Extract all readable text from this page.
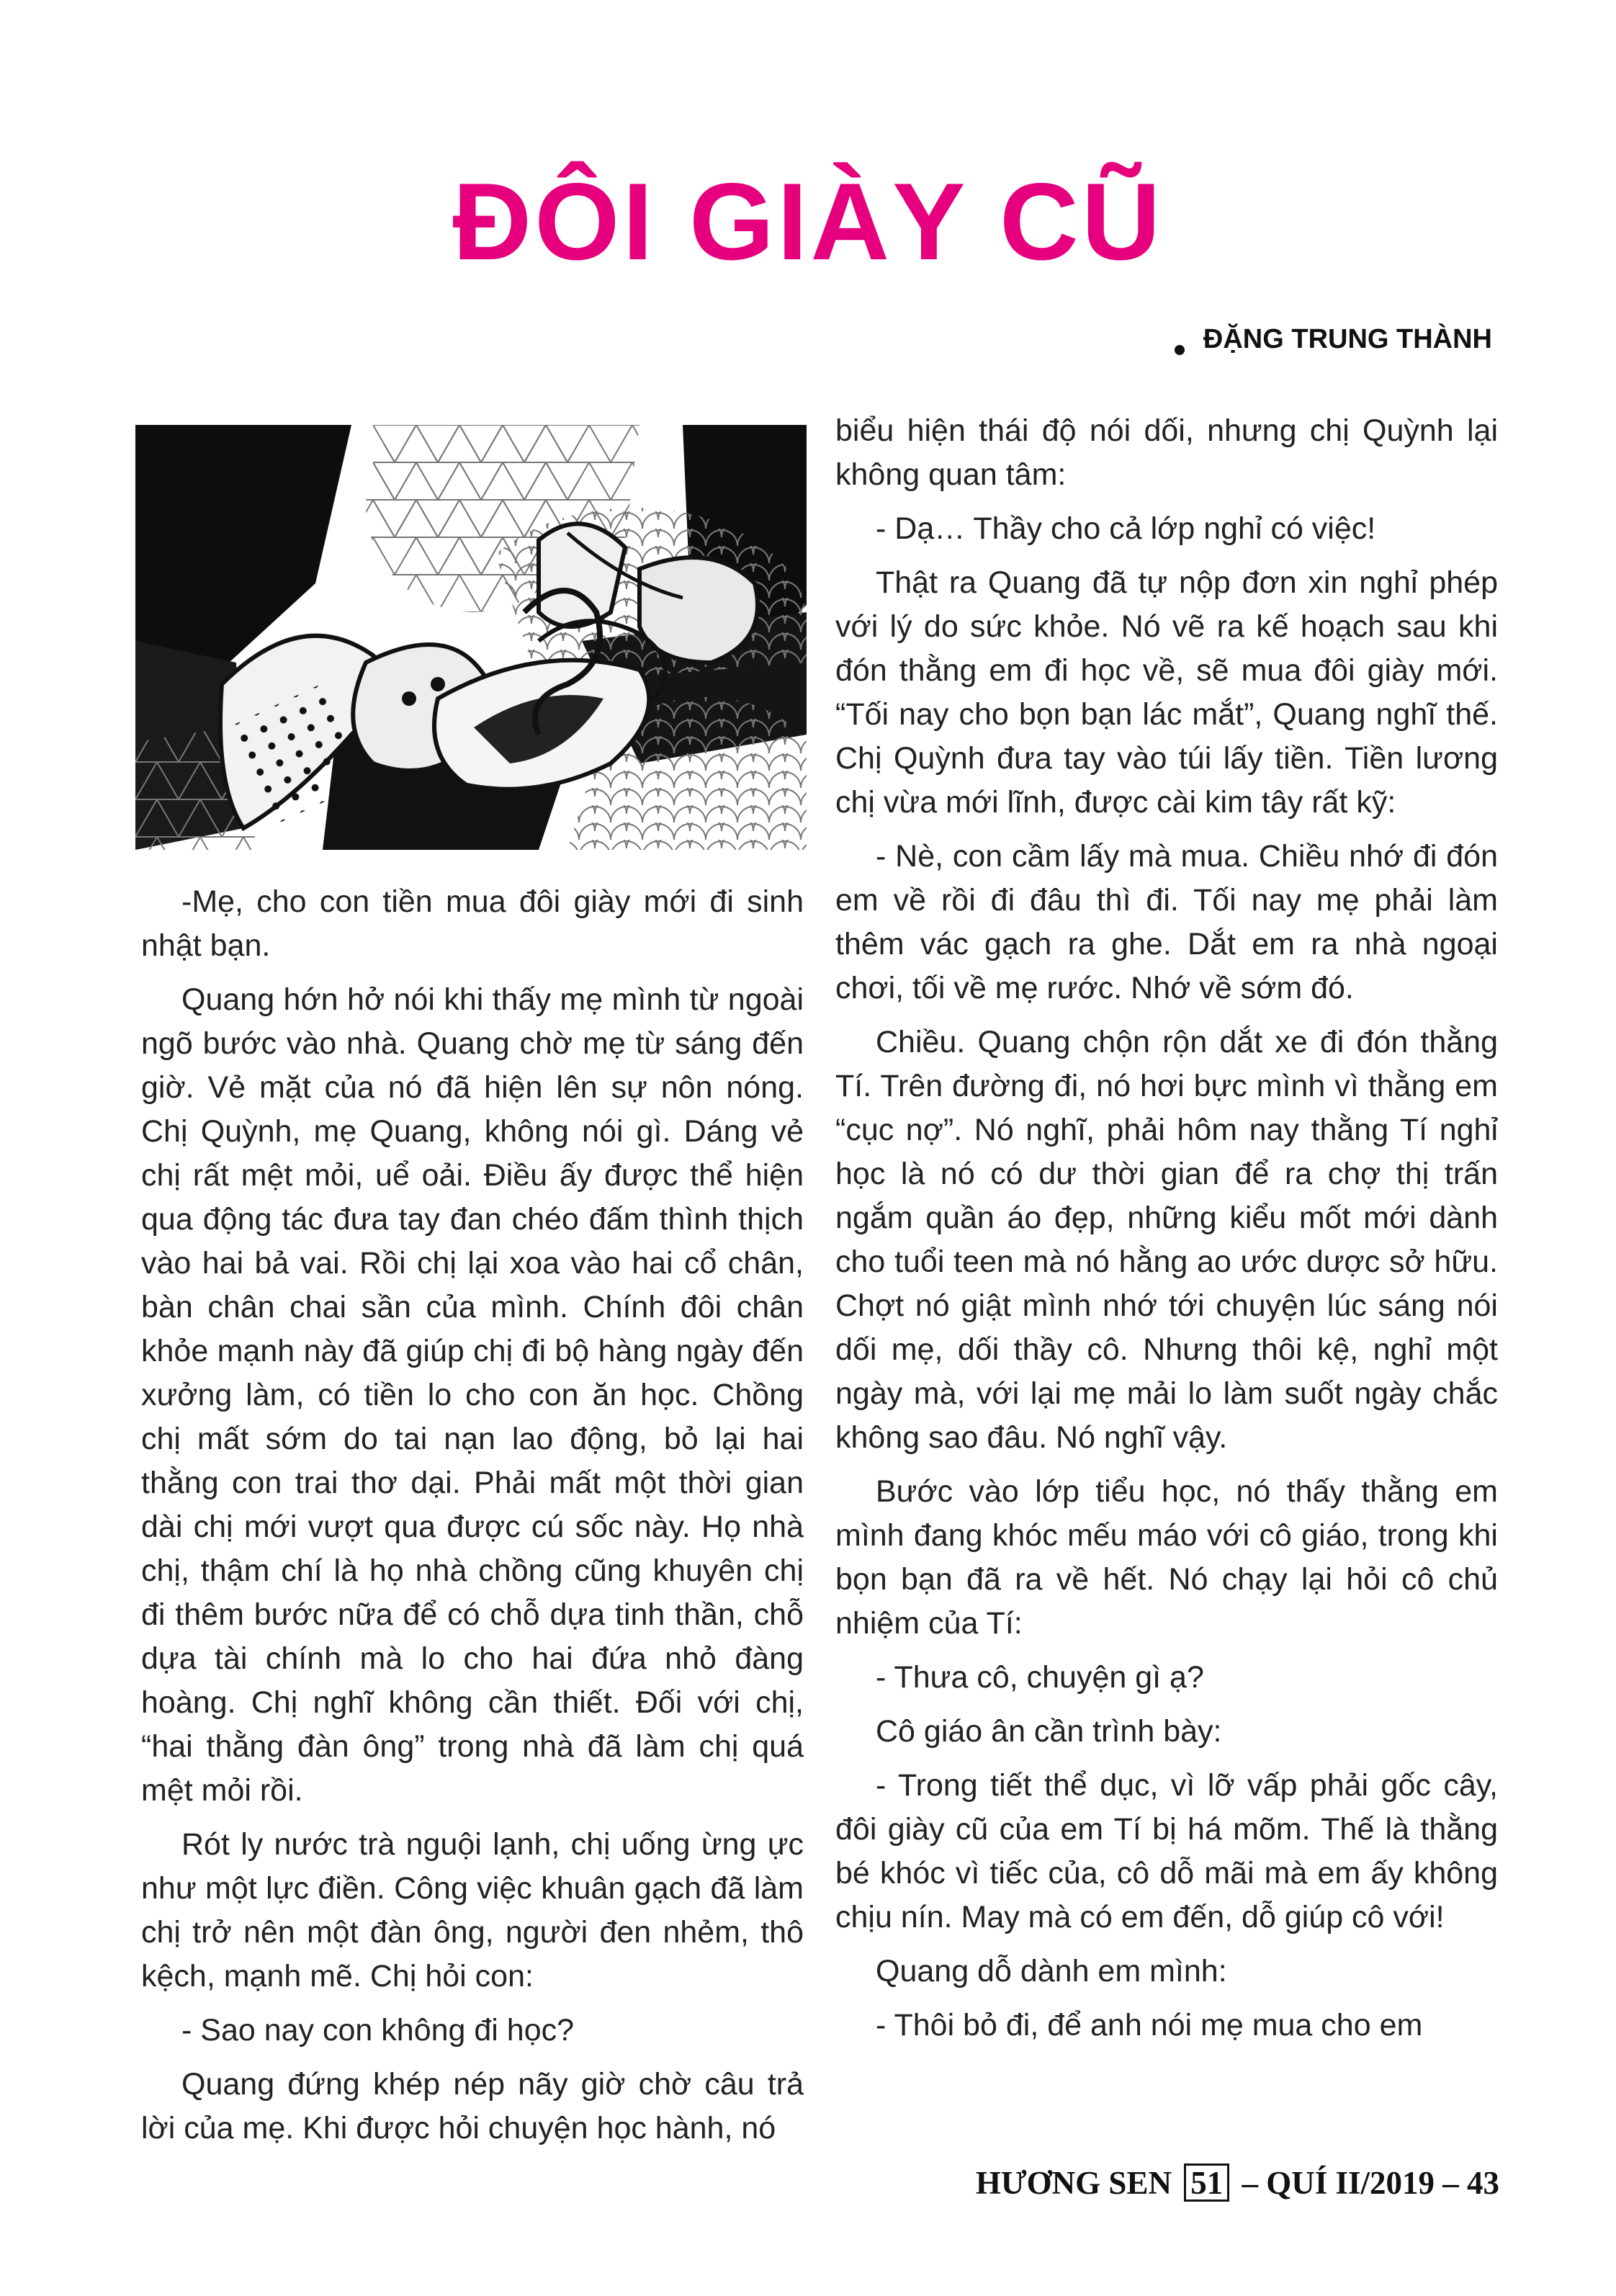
ĐÔI GIÀY CŨ
ĐẶNG TRUNG THÀNH

-Mẹ, cho con tiền mua đôi giày mới đi sinh nhật bạn.

Quang hớn hở nói khi thấy mẹ mình từ ngoài ngõ bước vào nhà. Quang chờ mẹ từ sáng đến giờ. Vẻ mặt của nó đã hiện lên sự nôn nóng. Chị Quỳnh, mẹ Quang, không nói gì. Dáng vẻ chị rất mệt mỏi, uể oải. Điều ấy được thể hiện qua động tác đưa tay đan chéo đấm thình thịch vào hai bả vai. Rồi chị lại xoa vào hai cổ chân, bàn chân chai sần của mình. Chính đôi chân khỏe mạnh này đã giúp chị đi bộ hàng ngày đến xưởng làm, có tiền lo cho con ăn học. Chồng chị mất sớm do tai nạn lao động, bỏ lại hai thằng con trai thơ dại. Phải mất một thời gian dài chị mới vượt qua được cú sốc này. Họ nhà chị, thậm chí là họ nhà chồng cũng khuyên chị đi thêm bước nữa để có chỗ dựa tinh thần, chỗ dựa tài chính mà lo cho hai đứa nhỏ đàng hoàng. Chị nghĩ không cần thiết. Đối với chị, “hai thằng đàn ông” trong nhà đã làm chị quá mệt mỏi rồi.

Rót ly nước trà nguội lạnh, chị uống ừng ực như một lực điền. Công việc khuân gạch đã làm chị trở nên một đàn ông, người đen nhẻm, thô kệch, mạnh mẽ. Chị hỏi con:

- Sao nay con không đi học?

Quang đứng khép nép nãy giờ chờ câu trả lời của mẹ. Khi được hỏi chuyện học hành, nó

biểu hiện thái độ nói dối, nhưng chị Quỳnh lại không quan tâm:

- Dạ… Thầy cho cả lớp nghỉ có việc!

Thật ra Quang đã tự nộp đơn xin nghỉ phép với lý do sức khỏe. Nó vẽ ra kế hoạch sau khi đón thằng em đi học về, sẽ mua đôi giày mới. “Tối nay cho bọn bạn lác mắt”, Quang nghĩ thế. Chị Quỳnh đưa tay vào túi lấy tiền. Tiền lương chị vừa mới lĩnh, được cài kim tây rất kỹ:

- Nè, con cầm lấy mà mua. Chiều nhớ đi đón em về rồi đi đâu thì đi. Tối nay mẹ phải làm thêm vác gạch ra ghe. Dắt em ra nhà ngoại chơi, tối về mẹ rước. Nhớ về sớm đó.

Chiều. Quang chộn rộn dắt xe đi đón thằng Tí. Trên đường đi, nó hơi bực mình vì thằng em “cục nợ”. Nó nghĩ, phải hôm nay thằng Tí nghỉ học là nó có dư thời gian để ra chợ thị trấn ngắm quần áo đẹp, những kiểu mốt mới dành cho tuổi teen mà nó hằng ao ước dược sở hữu. Chợt nó giật mình nhớ tới chuyện lúc sáng nói dối mẹ, dối thầy cô. Nhưng thôi kệ, nghỉ một ngày mà, với lại mẹ mải lo làm suốt ngày chắc không sao đâu. Nó nghĩ vậy.

Bước vào lớp tiểu học, nó thấy thằng em mình đang khóc mếu máo với cô giáo, trong khi bọn bạn đã ra về hết. Nó chạy lại hỏi cô chủ nhiệm của Tí:

- Thưa cô, chuyện gì ạ?

Cô giáo ân cần trình bày:

- Trong tiết thể dục, vì lỡ vấp phải gốc cây, đôi giày cũ của em Tí bị há mõm. Thế là thằng bé khóc vì tiếc của, cô dỗ mãi mà em ấy không chịu nín. May mà có em đến, dỗ giúp cô với!

Quang dỗ dành em mình:

- Thôi bỏ đi, để anh nói mẹ mua cho em

HƯƠNG SEN 51 – QUÍ II/2019 – 43
